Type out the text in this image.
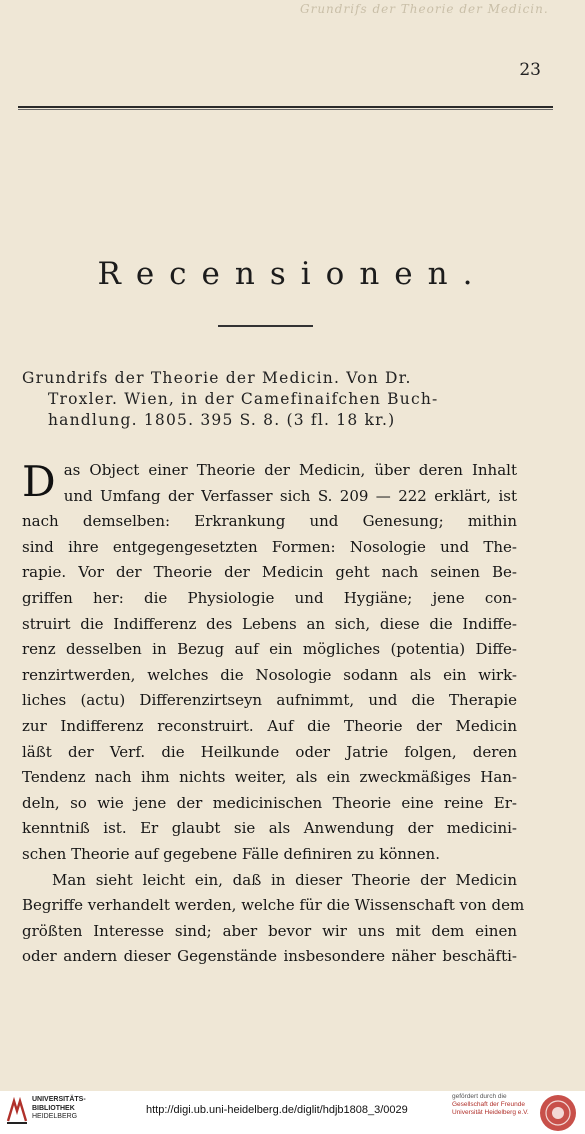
Grundrifs der Theorie der Medicin.
23
Recensionen.
Grundrifs der Theorie der Medicin. Von Dr.
Troxler. Wien, in der Camefinaifchen Buch-
handlung. 1805. 395 S. 8. (3 fl. 18 kr.)
D as Object einer Theorie der Medicin, über deren Inhalt
und Umfang der Verfasser sich S. 209 — 222 erklärt, ist
nach demselben: Erkrankung und Genesung; mithin
sind ihre entgegengesetzten Formen: Nosologie und The-
rapie. Vor der Theorie der Medicin geht nach seinen Be-
griffen her: die Physiologie und Hygiäne; jene con-
struirt die Indifferenz des Lebens an sich, diese die Indiffe-
renz desselben in Bezug auf ein mögliches (potentia) Diffe-
renzirtwerden, welches die Nosologie sodann als ein wirk-
liches (actu) Differenzirtseyn aufnimmt, und die Therapie
zur Indifferenz reconstruirt. Auf die Theorie der Medicin
läßt der Verf. die Heilkunde oder Jatrie folgen, deren
Tendenz nach ihm nichts weiter, als ein zweckmäßiges Han-
deln, so wie jene der medicinischen Theorie eine reine Er-
kenntniß ist. Er glaubt sie als Anwendung der medicini-
schen Theorie auf gegebene Fälle definiren zu können.
Man sieht leicht ein, daß in dieser Theorie der Medicin
Begriffe verhandelt werden, welche für die Wissenschaft von dem
größten Interesse sind; aber bevor wir uns mit dem einen
oder andern dieser Gegenstände insbesondere näher beschäfti-
UNIVERSITÄTS-
BIBLIOTHEK
HEIDELBERG
http://digi.ub.uni-heidelberg.de/diglit/hdjb1808_3/0029
gefördert durch die
Gesellschaft der Freunde
Universität Heidelberg e.V.
